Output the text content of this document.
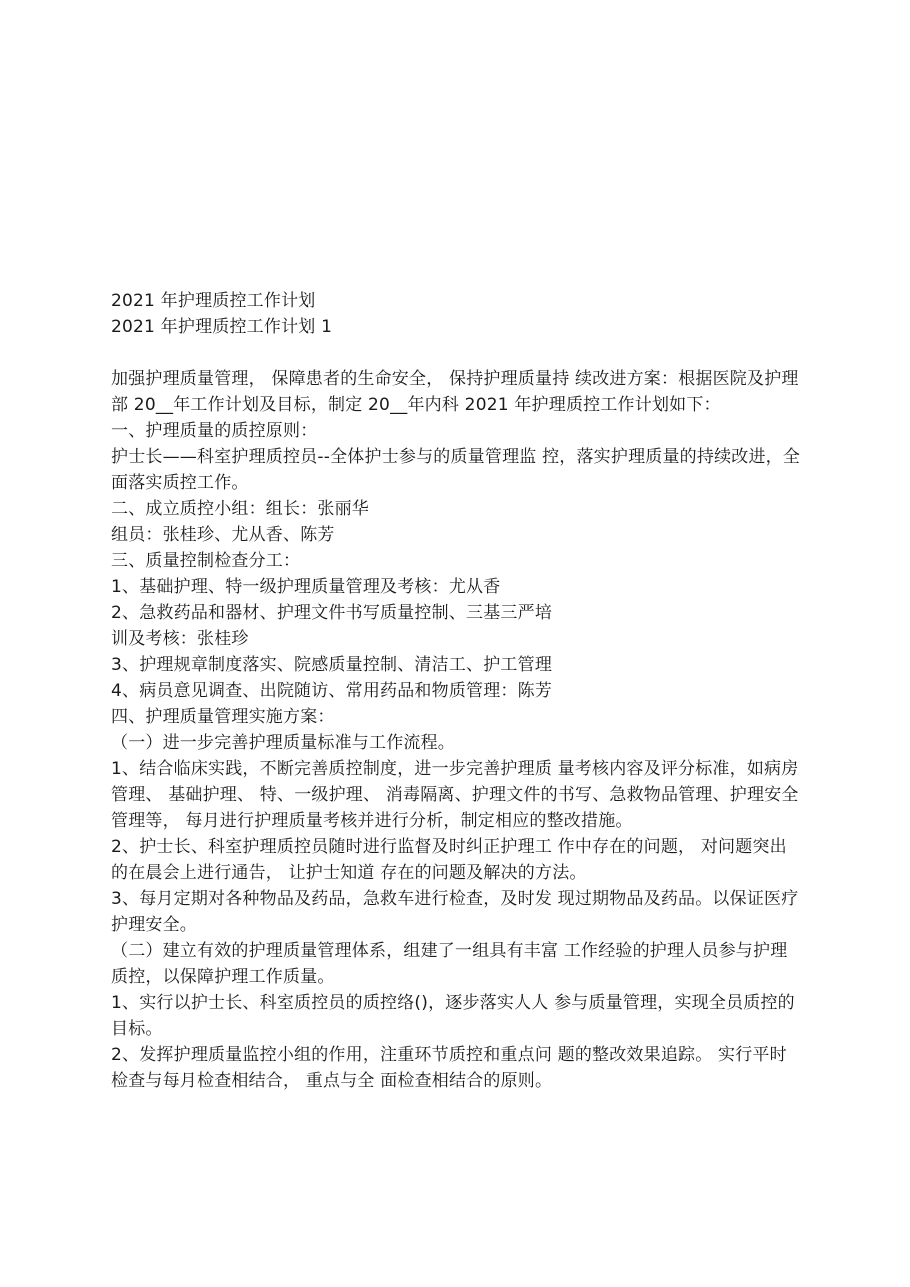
2021 年护理质控工作计划

2021 年护理质控工作计划 1

加强护理质量管理， 保障患者的生命安全， 保持护理质量持 续改进方案：根据医院及护理部 20__年工作计划及目标，制定 20__年内科 2021 年护理质控工作计划如下：

一、护理质量的质控原则：

护士长——科室护理质控员--全体护士参与的质量管理监 控，落实护理质量的持续改进，全面落实质控工作。

二、成立质控小组：组长：张丽华

组员：张桂珍、尤从香、陈芳

三、质量控制检查分工：

1、基础护理、特一级护理质量管理及考核：尤从香

2、急救药品和器材、护理文件书写质量控制、三基三严培

训及考核：张桂珍

3、护理规章制度落实、院感质量控制、清洁工、护工管理

4、病员意见调查、出院随访、常用药品和物质管理：陈芳

四、护理质量管理实施方案：

（一）进一步完善护理质量标准与工作流程。

1、结合临床实践，不断完善质控制度，进一步完善护理质 量考核内容及评分标准，如病房管理、 基础护理、 特、一级护理、 消毒隔离、护理文件的书写、急救物品管理、护理安全管理等， 每月进行护理质量考核并进行分析，制定相应的整改措施。

2、护士长、科室护理质控员随时进行监督及时纠正护理工 作中存在的问题， 对问题突出的在晨会上进行通告， 让护士知道 存在的问题及解决的方法。

3、每月定期对各种物品及药品，急救车进行检查，及时发 现过期物品及药品。以保证医疗护理安全。

（二）建立有效的护理质量管理体系，组建了一组具有丰富 工作经验的护理人员参与护理质控，以保障护理工作质量。

1、实行以护士长、科室质控员的质控络()，逐步落实人人 参与质量管理，实现全员质控的目标。

2、发挥护理质量监控小组的作用，注重环节质控和重点问 题的整改效果追踪。 实行平时检查与每月检查相结合， 重点与全 面检查相结合的原则。
